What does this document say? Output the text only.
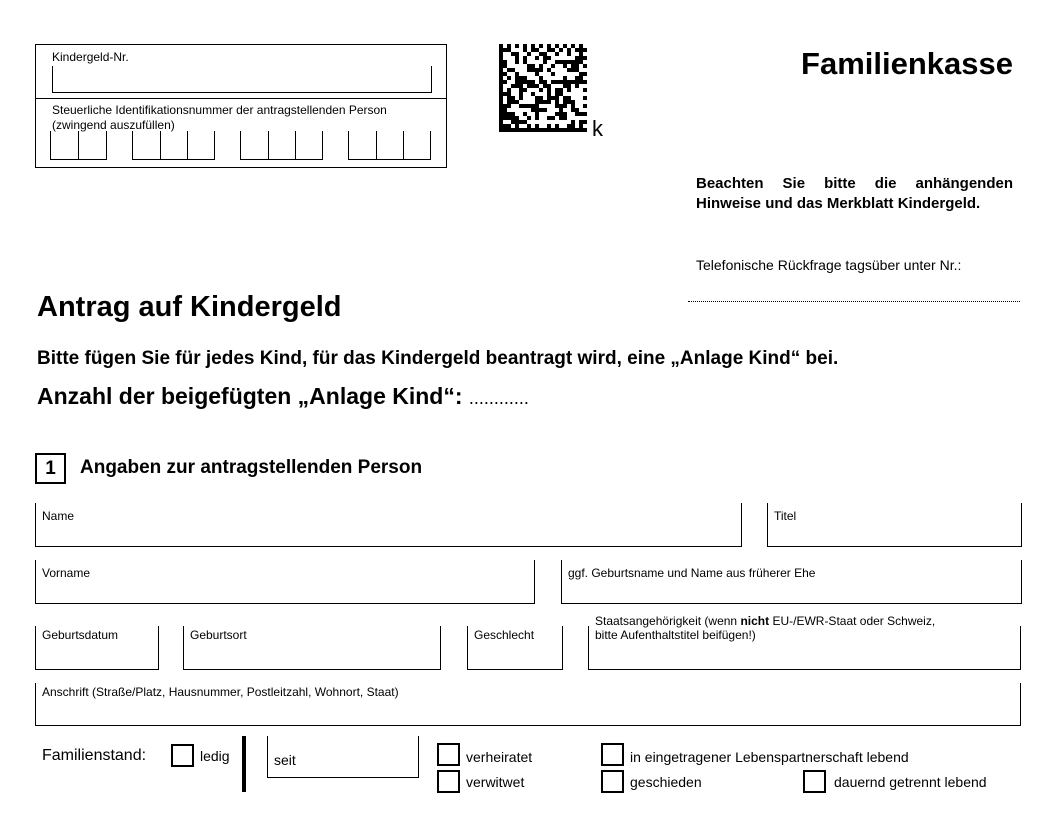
Kindergeld-Nr.
Steuerliche Identifikationsnummer der antragstellenden Person
(zwingend auszufüllen)	k
Familienkasse
Beachten Sie bitte die anhängenden Hinweise und das Merkblatt Kindergeld.
Telefonische Rückfrage tagsüber unter Nr.:
Antrag auf Kindergeld
Bitte fügen Sie für jedes Kind, für das Kindergeld beantragt wird, eine „Anlage Kind“ bei.
Anzahl der beigefügten „Anlage Kind“: ............
1	Angaben zur antragstellenden Person
Name	Titel
Vorname	ggf. Geburtsname und Name aus früherer Ehe
Geburtsdatum	Geburtsort	Geschlecht
Staatsangehörigkeit (wenn nicht EU-/EWR-Staat oder Schweiz,
bitte Aufenthaltstitel beifügen!)
Anschrift (Straße/Platz, Hausnummer, Postleitzahl, Wohnort, Staat)
Familienstand:	ledig	seit	verheiratet
verwitwet
in eingetragener Lebenspartnerschaft lebend
geschieden	dauernd getrennt lebend
